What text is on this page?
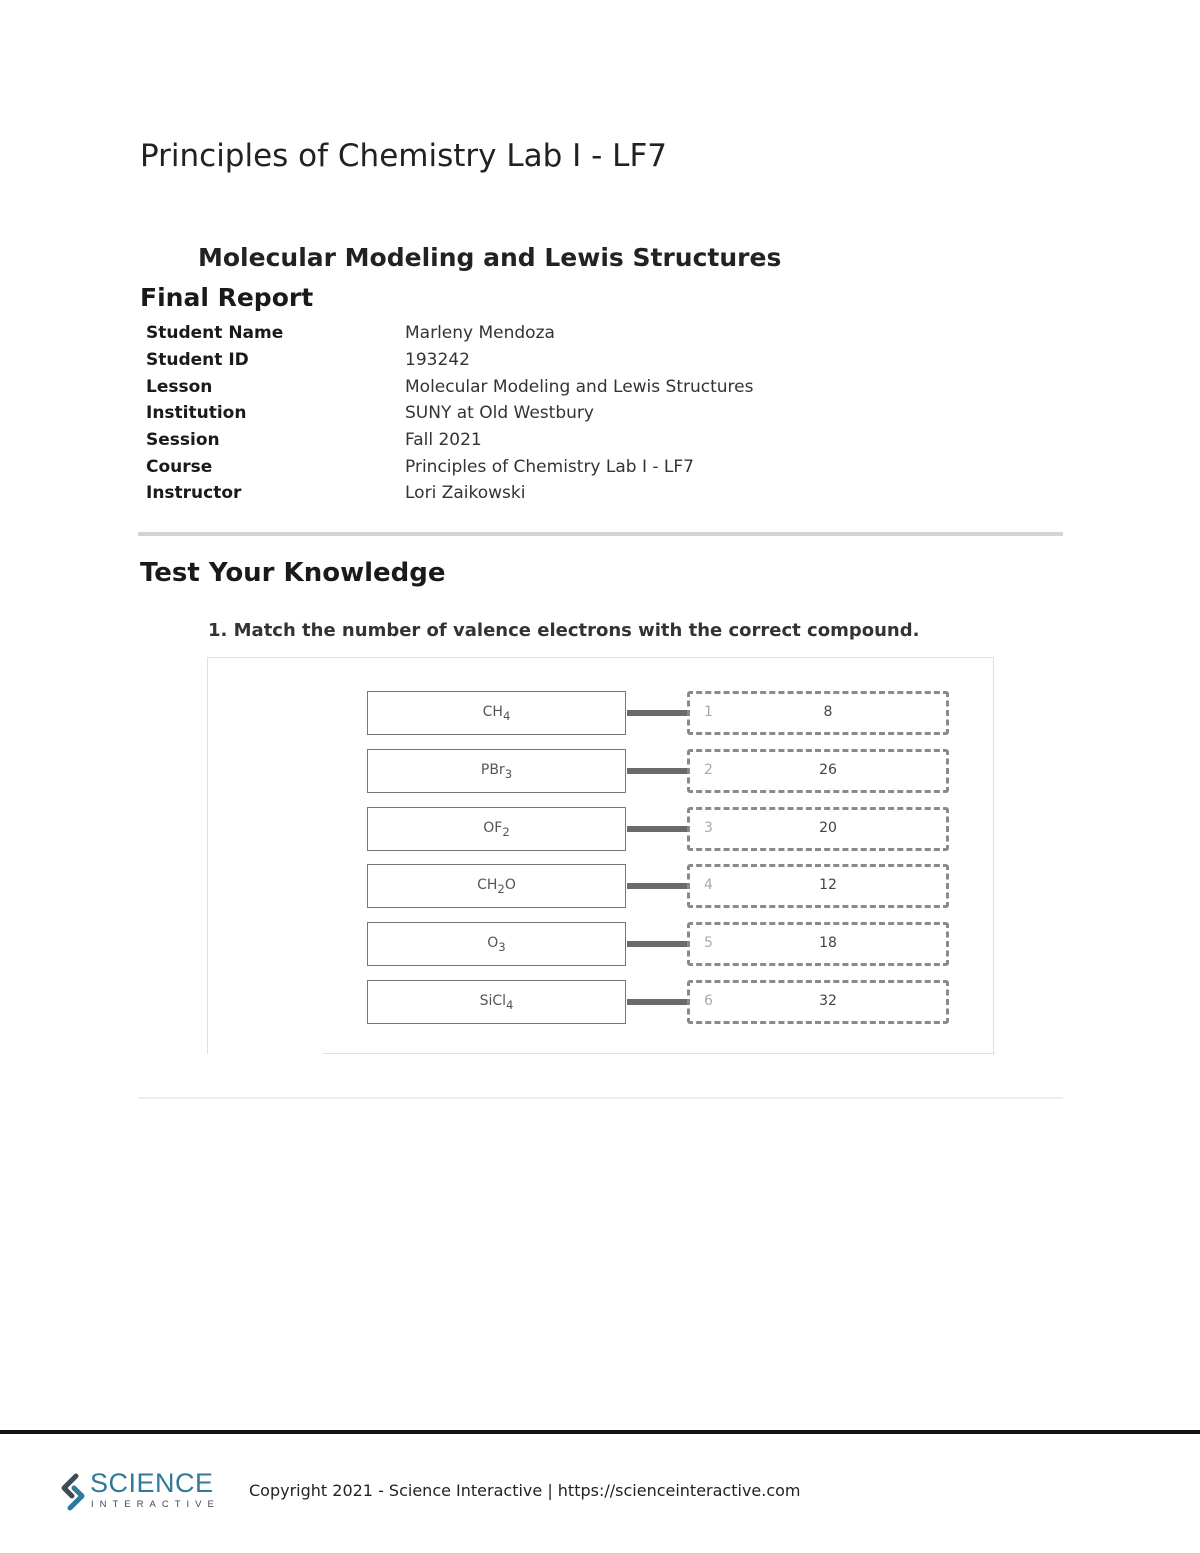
Principles of Chemistry Lab I - LF7
Molecular Modeling and Lewis Structures
Final Report
Student Name	Marleny Mendoza
Student ID	193242
Lesson	Molecular Modeling and Lewis Structures
Institution	SUNY at Old Westbury
Session	Fall 2021
Course	Principles of Chemistry Lab I - LF7
Instructor	Lori Zaikowski
Test Your Knowledge

1. Match the number of valence electrons with the correct compound.

$CH_4$	1	8
PBr$_3$	2	26
$OF_2$	3	20
$CH_2O$	4	12
$O_3$	5	18
SiCl$_4$	6	32
SCIENCE
INTERACTIVE
Copyright 2021 - Science Interactive | https://scienceinteractive.com
